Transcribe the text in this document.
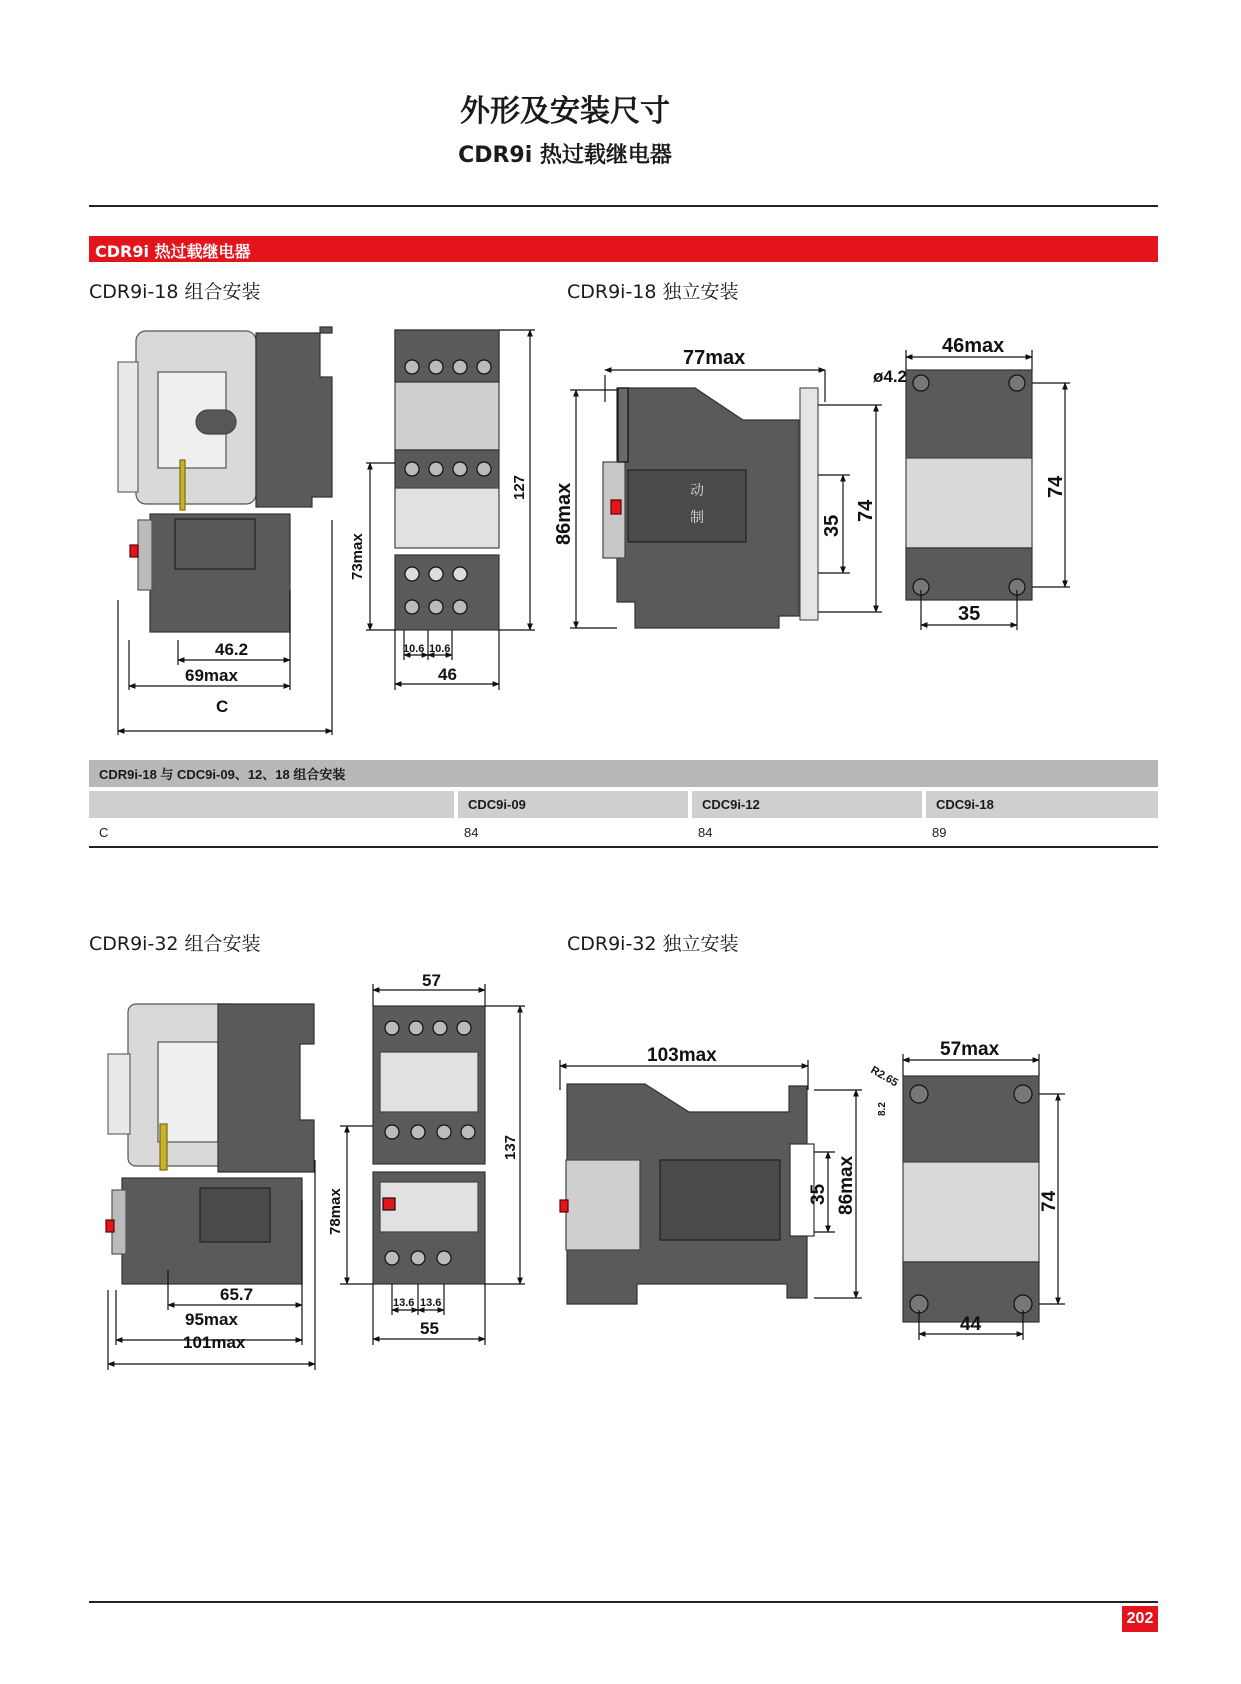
外形及安装尺寸
CDR9i 热过载继电器
CDR9i 热过载继电器
CDR9i-18 组合安装	CDR9i-18 独立安装
46.2
69max
C
73max
127
10.6 10.6
46
77max
86max	35
74
46max
ø4.2
74
35
制
动
CDR9i-18 与 CDC9i-09、12、18 组合安装			
	CDC9i-09	CDC9i-12	CDC9i-18
C	84	84	89
CDR9i-32 组合安装	CDR9i-32 独立安装
65.7
95max
101max
57
78max
137
13.6 13.6
55
103max
35 86max
57max
R2.65
8.2
74
44
202
